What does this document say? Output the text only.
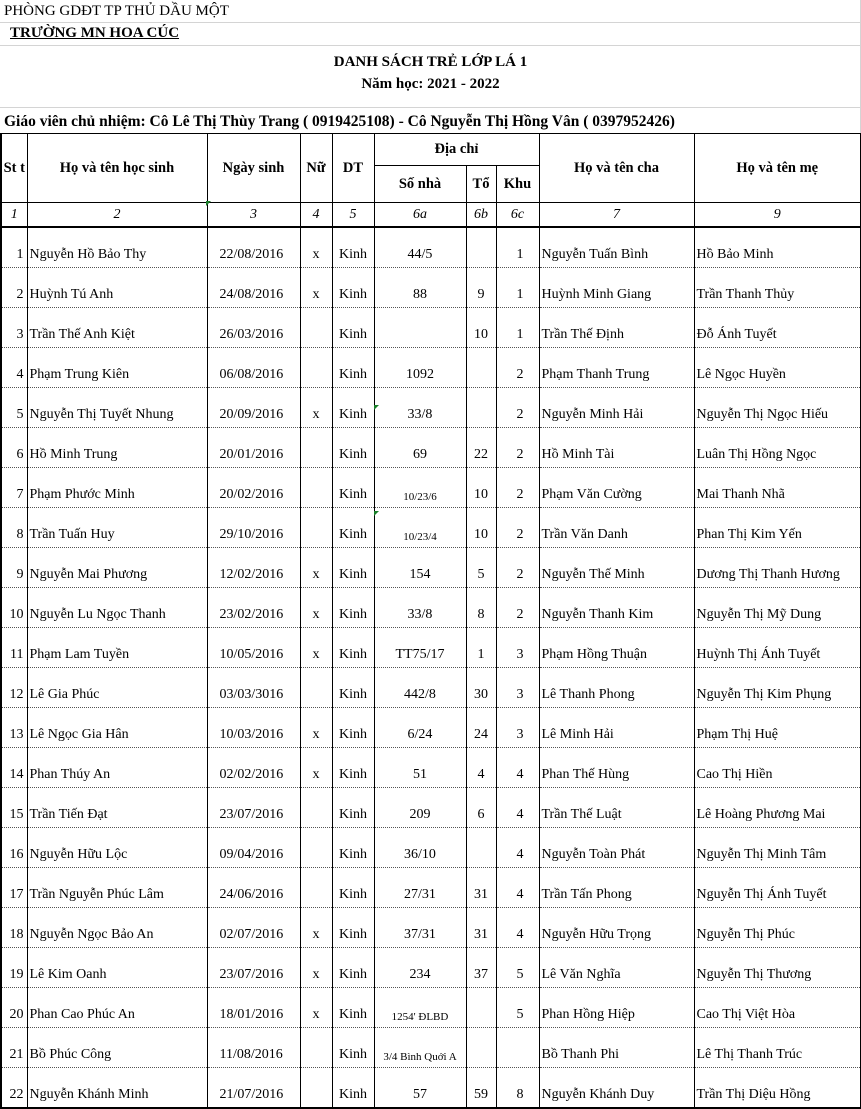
PHÒNG GDĐT TP THỦ DẦU MỘT
TRƯỜNG MN HOA CÚC
DANH SÁCH TRẺ LỚP LÁ 1
Năm học: 2021 - 2022
Giáo viên chủ nhiệm: Cô Lê Thị Thùy Trang ( 0919425108) - Cô Nguyễn Thị Hồng Vân ( 0397952426)
St t	Họ và tên học sinh	Ngày sinh	Nữ	DT	Địa chỉ			Họ và tên cha	Họ và tên mẹ
					Số nhà	Tổ	Khu		
1	2	3	4	5	6a	6b	6c	7	9
1	Nguyễn Hồ Bảo Thy	22/08/2016	x	Kinh	44/5		1	Nguyễn Tuấn Bình	Hồ Bảo Minh
2	Huỳnh Tú Anh	24/08/2016	x	Kinh	88	9	1	Huỳnh Minh Giang	Trần Thanh Thủy
3	Trần Thế Anh Kiệt	26/03/2016		Kinh		10	1	Trần Thế Định	Đỗ Ánh Tuyết
4	Phạm Trung Kiên	06/08/2016		Kinh	1092		2	Phạm Thanh Trung	Lê Ngọc Huyền
5	Nguyễn Thị Tuyết Nhung	20/09/2016	x	Kinh	33/8		2	Nguyễn Minh Hải	Nguyễn Thị Ngọc Hiếu
6	Hồ Minh Trung	20/01/2016		Kinh	69	22	2	Hồ Minh Tài	Luân Thị Hồng Ngọc
7	Phạm Phước Minh	20/02/2016		Kinh	10/23/6	10	2	Phạm Văn Cường	Mai Thanh Nhã
8	Trần Tuấn Huy	29/10/2016		Kinh	10/23/4	10	2	Trần Văn Danh	Phan Thị Kim Yến
9	Nguyễn Mai Phương	12/02/2016	x	Kinh	154	5	2	Nguyễn Thế Minh	Dương Thị Thanh Hương
10	Nguyễn Lu Ngọc Thanh	23/02/2016	x	Kinh	33/8	8	2	Nguyễn Thanh Kim	Nguyễn Thị Mỹ Dung
11	Phạm Lam Tuyền	10/05/2016	x	Kinh	TT75/17	1	3	Phạm Hồng Thuận	Huỳnh Thị Ánh Tuyết
12	Lê Gia Phúc	03/03/3016		Kinh	442/8	30	3	Lê Thanh Phong	Nguyễn Thị Kim Phụng
13	Lê Ngọc Gia Hân	10/03/2016	x	Kinh	6/24	24	3	Lê Minh Hải	Phạm Thị Huệ
14	Phan Thúy An	02/02/2016	x	Kinh	51	4	4	Phan Thế Hùng	Cao Thị Hiền
15	Trần Tiến Đạt	23/07/2016		Kinh	209	6	4	Trần Thế Luật	Lê Hoàng Phương Mai
16	Nguyễn Hữu Lộc	09/04/2016		Kinh	36/10		4	Nguyễn Toàn Phát	Nguyễn Thị Minh Tâm
17	Trần Nguyễn Phúc Lâm	24/06/2016		Kinh	27/31	31	4	Trần Tấn Phong	Nguyễn Thị Ánh Tuyết
18	Nguyễn Ngọc Bảo An	02/07/2016	x	Kinh	37/31	31	4	Nguyễn Hữu Trọng	Nguyễn Thị Phúc
19	Lê Kim Oanh	23/07/2016	x	Kinh	234	37	5	Lê Văn Nghĩa	Nguyễn Thị Thương
20	Phan Cao Phúc An	18/01/2016	x	Kinh	1254' ĐLBD		5	Phan Hồng Hiệp	Cao Thị Việt Hòa
21	Bồ Phúc Công	11/08/2016		Kinh	3/4 Bình Quới A			Bồ Thanh Phi	Lê Thị Thanh Trúc
22	Nguyễn Khánh Minh	21/07/2016		Kinh	57	59	8	Nguyễn Khánh Duy	Trần Thị Diệu Hồng
